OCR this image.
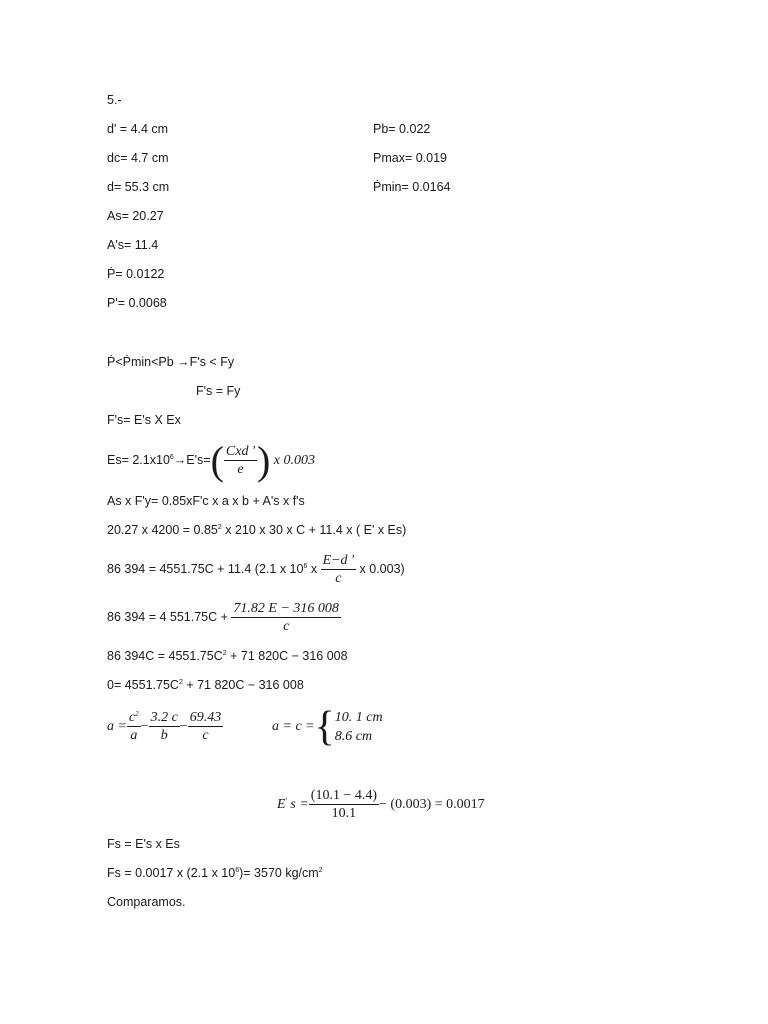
5.-
d' = 4.4 cm
dc= 4.7 cm
d= 55.3 cm
As= 20.27
A's= 11.4
Ṗ= 0.0122
P'= 0.0068
Pb= 0.022
Pmax= 0.019
Ṗmin= 0.0164
Ṗ<Ṗmin<Pb →F's < Fy
F's = Fy
F's= E's X Ex
$Es= 2.1x10^6\to E's=( \frac{\text{Cxd '}}{e}$ ) x 0.003
As x F'y= 0.85xF'c x a x b + A's x f's
20.27 x $4200 = 0.85^2$ x 210 x 30 x C + 11.4 x ( E' x Es)
86 394 = 4551.75C + 11.4 (2.1 x $10^6$ x $\frac{E-d '}{c}$ x 0.003)
86 394 = 4 $551.75C + \frac{71.82 E - 316 008}{c}$
86 $394C = 4551.75C^2 + 71$ 820C − 316 008
$0= 4551.75C^2 + 71$ 820C − 316 008
$a = \frac{c^2}{a} - \frac{3.2 c}{b} - \frac{69.43}{c}$	a = c ={ 10. 1 cm
8.6 cm
E' $s = \frac{(10.1 - 4.4)}{10.1} - (0.003) = 0.0017$
Fs = E's x Es
Fs = 0.0017 x (2.1 x $10^6)= 3570$ $kg/cm^2$
Comparamos.
